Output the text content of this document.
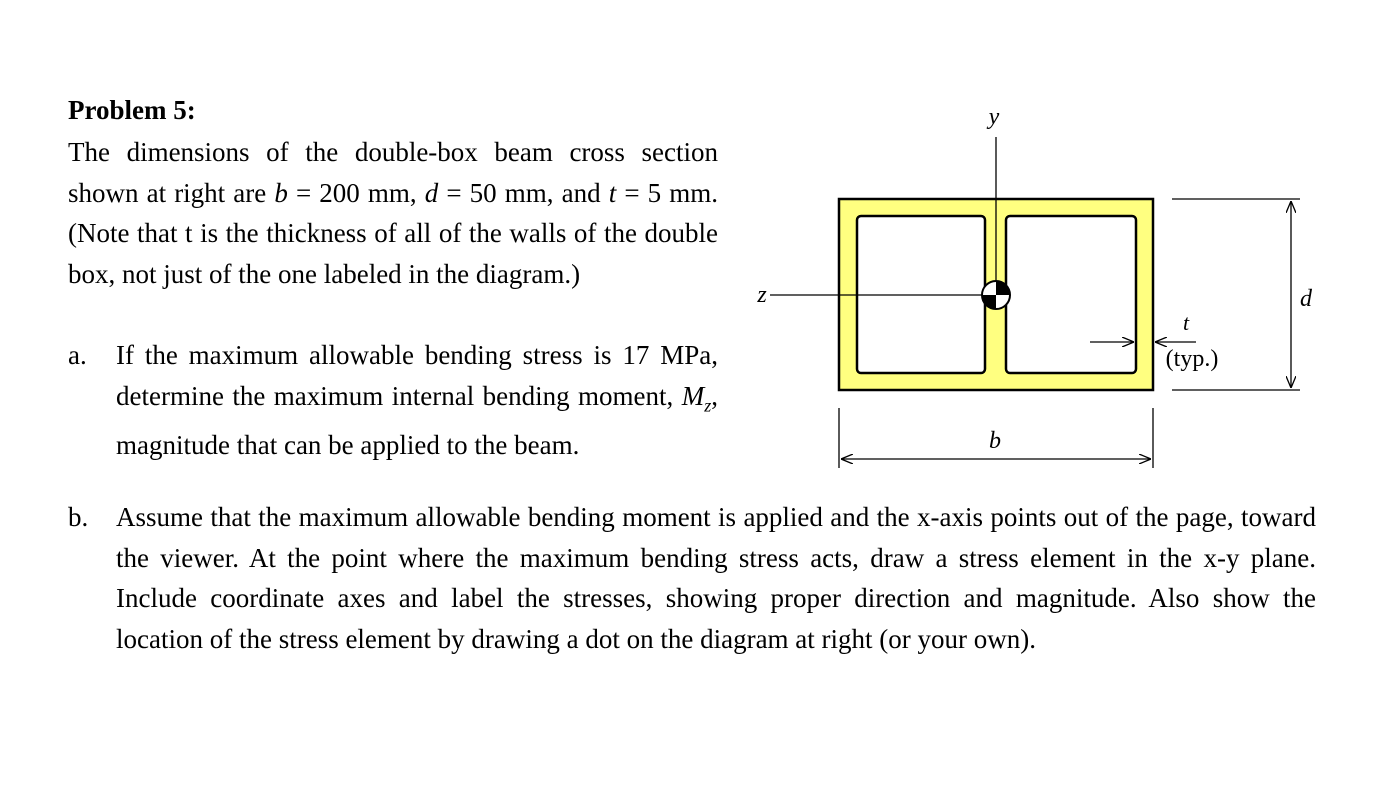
Problem 5:
The dimensions of the double-box beam cross section shown at right are b = 200 mm, d = 50 mm, and t = 5 mm. (Note that t is the thickness of all of the walls of the double box, not just of the one labeled in the diagram.)
a. If the maximum allowable bending stress is 17 MPa, determine the maximum internal bending moment, $M_z$, magnitude that can be applied to the beam.
b. Assume that the maximum allowable bending moment is applied and the x-axis points out of the page, toward the viewer. At the point where the maximum bending stress acts, draw a stress element in the x-y plane. Include coordinate axes and label the stresses, showing proper direction and magnitude. Also show the location of the stress element by drawing a dot on the diagram at right (or your own).
y
z	d
t
(typ.)
b
